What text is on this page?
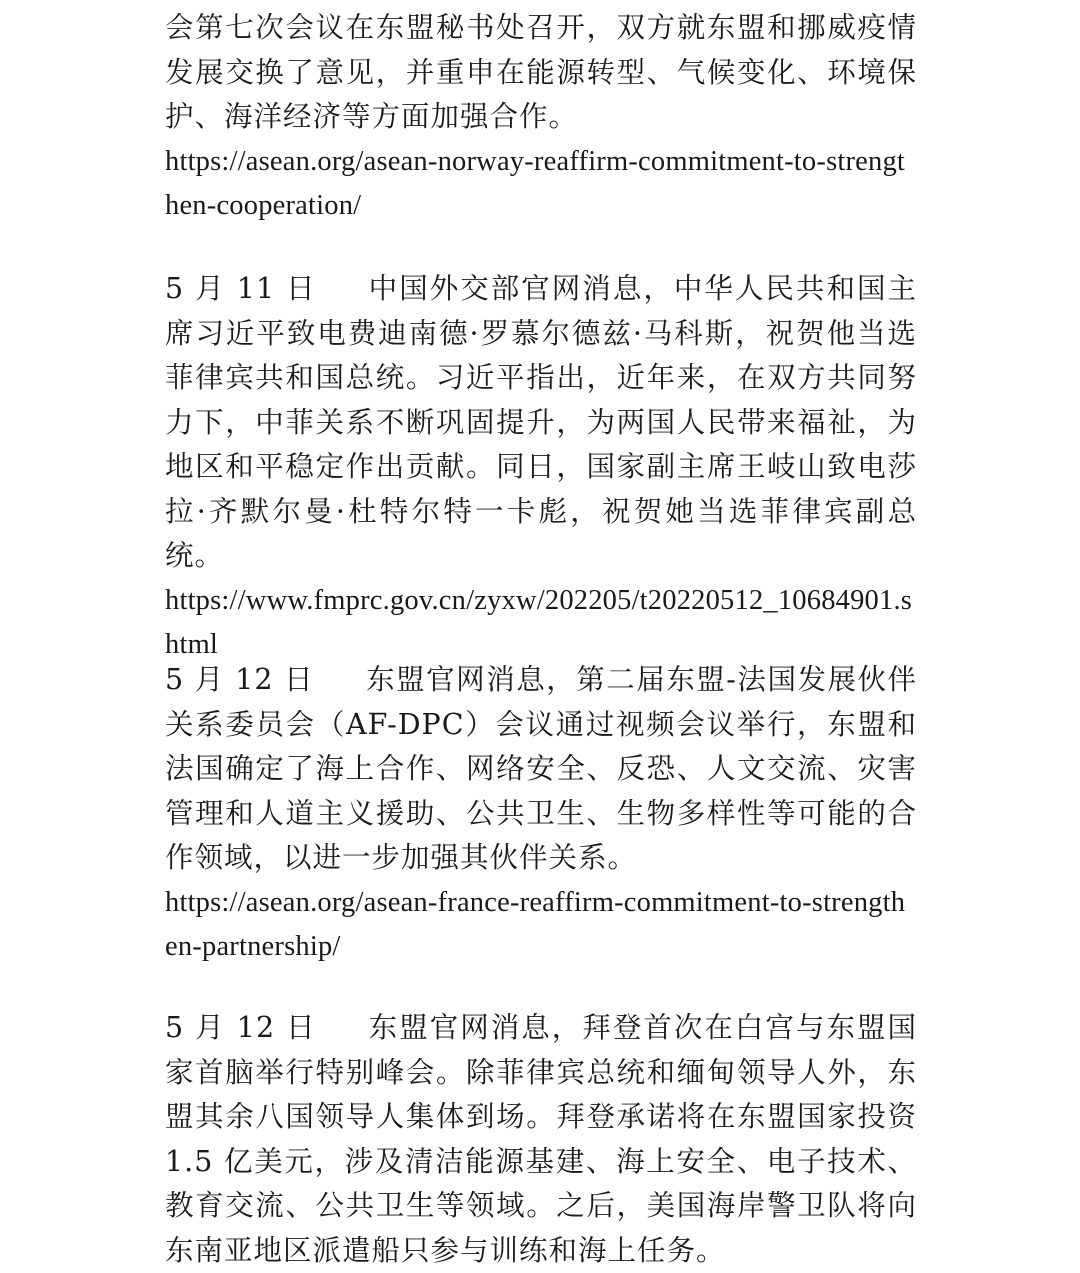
会第七次会议在东盟秘书处召开，双方就东盟和挪威疫情发展交换了意见，并重申在能源转型、气候变化、环境保护、海洋经济等方面加强合作。

https://asean.org/asean-norway-reaffirm-commitment-to-strengthen-cooperation/

5 月 11 日 中国外交部官网消息，中华人民共和国主席习近平致电费迪南德·罗慕尔德兹·马科斯，祝贺他当选菲律宾共和国总统。习近平指出，近年来，在双方共同努力下，中菲关系不断巩固提升，为两国人民带来福祉，为地区和平稳定作出贡献。同日，国家副主席王岐山致电莎拉·齐默尔曼·杜特尔特一卡彪，祝贺她当选菲律宾副总统。

https://www.fmprc.gov.cn/zyxw/202205/t20220512_10684901.shtml

5 月 12 日 东盟官网消息，第二届东盟-法国发展伙伴关系委员会（AF-DPC）会议通过视频会议举行，东盟和法国确定了海上合作、网络安全、反恐、人文交流、灾害管理和人道主义援助、公共卫生、生物多样性等可能的合作领域，以进一步加强其伙伴关系。

https://asean.org/asean-france-reaffirm-commitment-to-strengthen-partnership/

5 月 12 日 东盟官网消息，拜登首次在白宫与东盟国家首脑举行特别峰会。除菲律宾总统和缅甸领导人外，东盟其余八国领导人集体到场。拜登承诺将在东盟国家投资 1.5 亿美元，涉及清洁能源基建、海上安全、电子技术、教育交流、公共卫生等领域。之后，美国海岸警卫队将向东南亚地区派遣船只参与训练和海上任务。
